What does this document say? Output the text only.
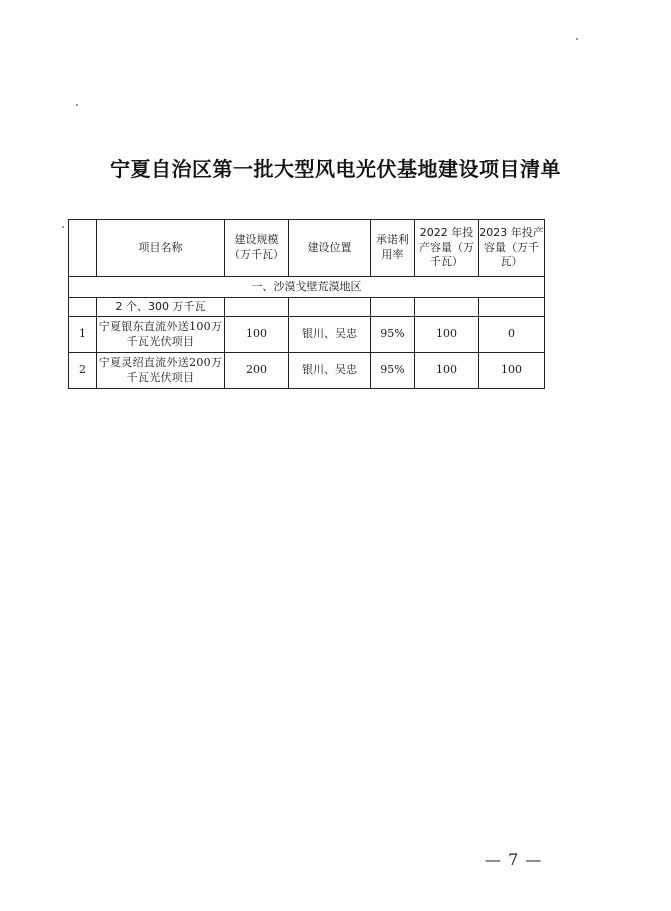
宁夏自治区第一批大型风电光伏基地建设项目清单
	项目名称	建设规模（万千瓦）	建设位置	承诺利用率	2022 年投产容量（万千瓦）	2023 年投产容量（万千瓦）
一、沙漠戈壁荒漠地区						
	2 个、300 万千瓦					
1	宁夏银东直流外送100万千瓦光伏项目	100	银川、吴忠	95%	100	0
2	宁夏灵绍直流外送200万千瓦光伏项目	200	银川、吴忠	95%	100	100
— 7 —
